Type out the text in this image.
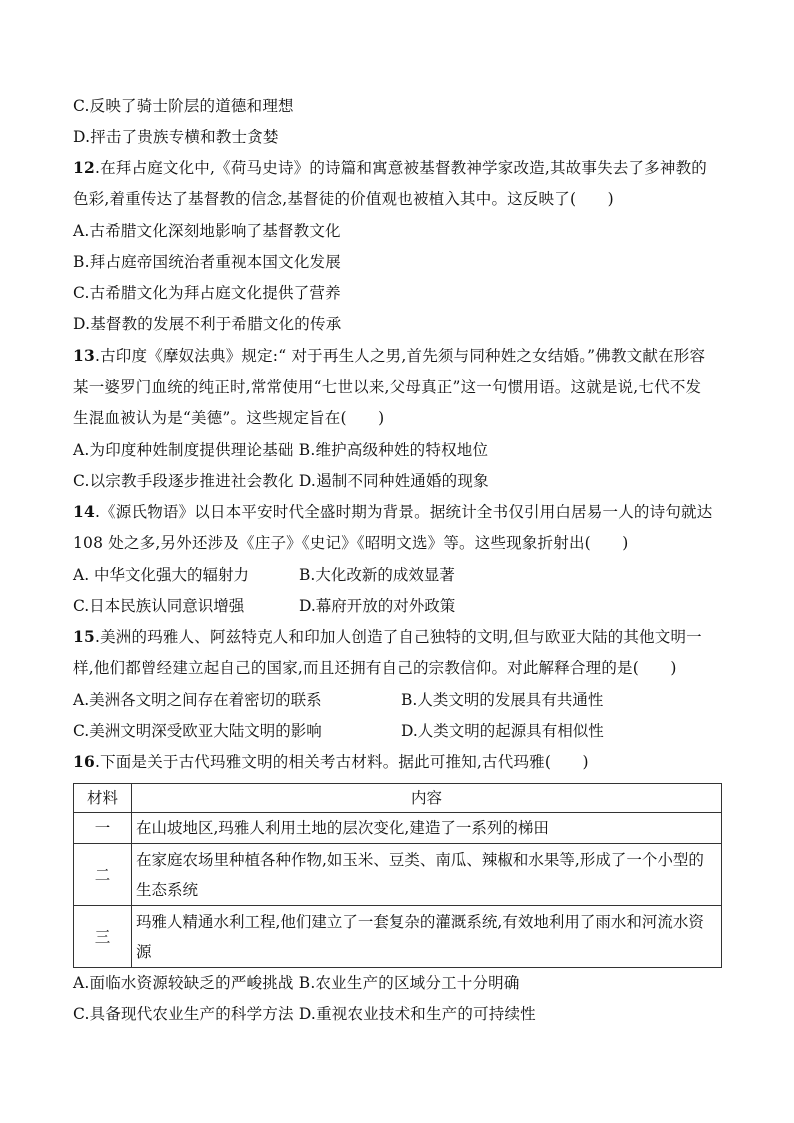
C.反映了骑士阶层的道德和理想
D.抨击了贵族专横和教士贪婪
12.在拜占庭文化中,《荷马史诗》的诗篇和寓意被基督教神学家改造,其故事失去了多神教的
色彩,着重传达了基督教的信念,基督徒的价值观也被植入其中。这反映了(　　)
A.古希腊文化深刻地影响了基督教文化
B.拜占庭帝国统治者重视本国文化发展
C.古希腊文化为拜占庭文化提供了营养
D.基督教的发展不利于希腊文化的传承
13.古印度《摩奴法典》规定:“ 对于再生人之男,首先须与同种姓之女结婚。”佛教文献在形容
某一婆罗门血统的纯正时,常常使用“七世以来,父母真正”这一句惯用语。这就是说,七代不发
生混血被认为是“美德”。这些规定旨在(　　)
A.为印度种姓制度提供理论基础 B.维护高级种姓的特权地位
C.以宗教手段逐步推进社会教化 D.遏制不同种姓通婚的现象
14.《源氏物语》以日本平安时代全盛时期为背景。据统计全书仅引用白居易一人的诗句就达
108 处之多,另外还涉及《庄子》《史记》《昭明文选》等。这些现象折射出(　　)
A. 中华文化强大的辐射力	B.大化改新的成效显著
C.日本民族认同意识增强	D.幕府开放的对外政策
15.美洲的玛雅人、阿兹特克人和印加人创造了自己独特的文明,但与欧亚大陆的其他文明一
样,他们都曾经建立起自己的国家,而且还拥有自己的宗教信仰。对此解释合理的是(　　)
A.美洲各文明之间存在着密切的联系	B.人类文明的发展具有共通性
C.美洲文明深受欧亚大陆文明的影响	D.人类文明的起源具有相似性
16.下面是关于古代玛雅文明的相关考古材料。据此可推知,古代玛雅(　　)
材料	内容
一	在山坡地区,玛雅人利用土地的层次变化,建造了一系列的梯田
二	在家庭农场里种植各种作物,如玉米、豆类、南瓜、辣椒和水果等,形成了一个小型的生态系统
三	玛雅人精通水利工程,他们建立了一套复杂的灌溉系统,有效地利用了雨水和河流水资源
A.面临水资源较缺乏的严峻挑战 B.农业生产的区域分工十分明确
C.具备现代农业生产的科学方法 D.重视农业技术和生产的可持续性
